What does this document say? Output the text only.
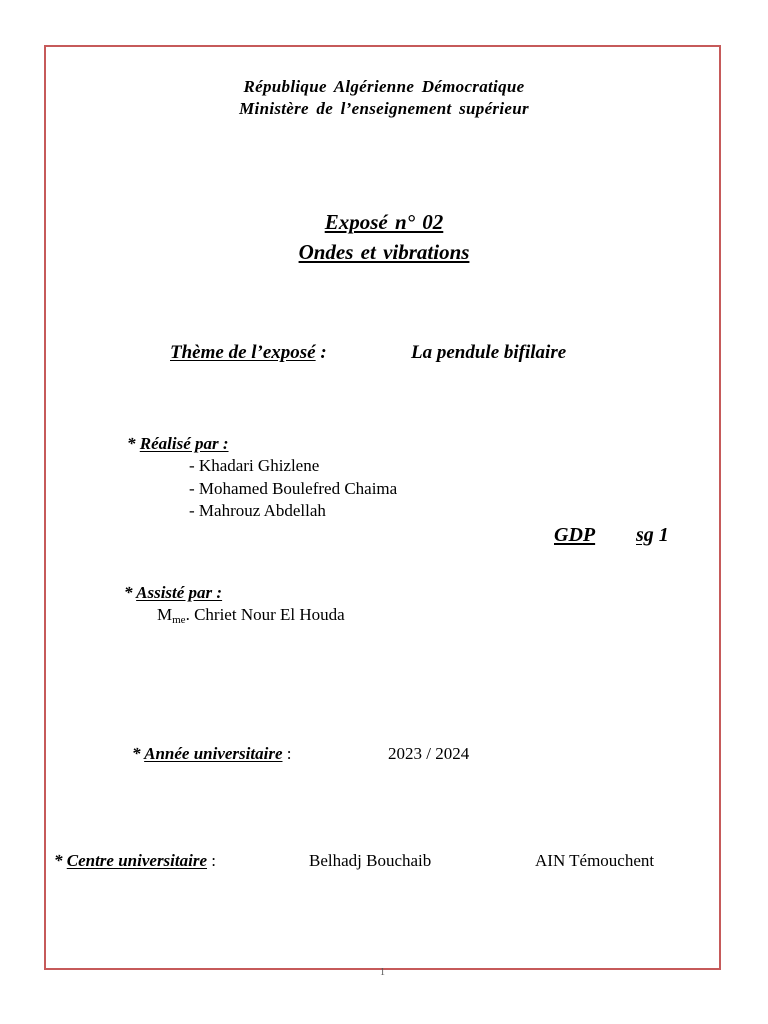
République Algérienne Démocratique
Ministère de l’enseignement supérieur
Exposé n° 02
Ondes et vibrations
Thème de l’exposé :	La pendule bifilaire
* Réalisé par :
- Khadari Ghizlene
- Mohamed Boulefred Chaima
- Mahrouz Abdellah
GDP sg 1
* Assisté par :
$M_{me}$. Chriet Nour El Houda
* Année universitaire :	2023 / 2024
* Centre universitaire :	Belhadj Bouchaib	AIN Témouchent
1
